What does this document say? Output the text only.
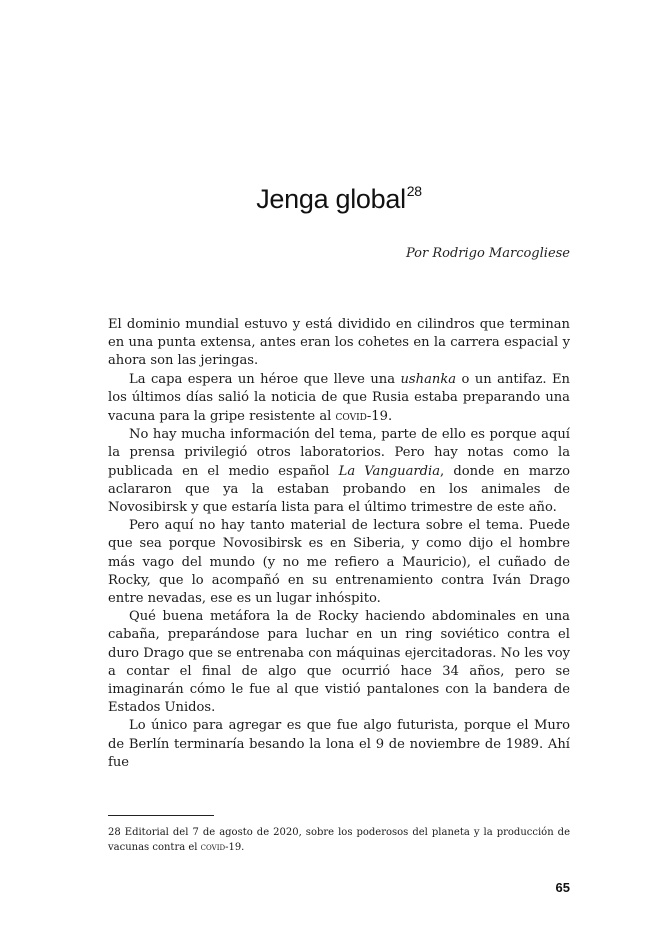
Jenga global$^{28}$
Por Rodrigo Marcogliese

El dominio mundial estuvo y está dividido en cilindros que terminan en una punta extensa, antes eran los cohetes en la carrera espacial y ahora son las jeringas.

La capa espera un héroe que lleve una ushanka o un antifaz. En los últimos días salió la noticia de que Rusia estaba preparando una vacuna para la gripe resistente al covid-19.

No hay mucha información del tema, parte de ello es porque aquí la prensa privilegió otros laboratorios. Pero hay notas como la publicada en el medio español La Vanguardia, donde en marzo aclararon que ya la estaban probando en los animales de Novosibirsk y que estaría lista para el último trimestre de este año.

Pero aquí no hay tanto material de lectura sobre el tema. Puede que sea porque Novosibirsk es en Siberia, y como dijo el hombre más vago del mundo (y no me refiero a Mauricio), el cuñado de Rocky, que lo acompañó en su entrenamiento contra Iván Drago entre nevadas, ese es un lugar inhóspito.

Qué buena metáfora la de Rocky haciendo abdominales en una cabaña, preparándose para luchar en un ring soviético contra el duro Drago que se entrenaba con máquinas ejercitadoras. No les voy a contar el final de algo que ocurrió hace 34 años, pero se imaginarán cómo le fue al que vistió pantalones con la bandera de Estados Unidos.

Lo único para agregar es que fue algo futurista, porque el Muro de Berlín terminaría besando la lona el 9 de noviembre de 1989. Ahí fue

28 Editorial del 7 de agosto de 2020, sobre los poderosos del planeta y la producción de vacunas contra el covid-19.
65
